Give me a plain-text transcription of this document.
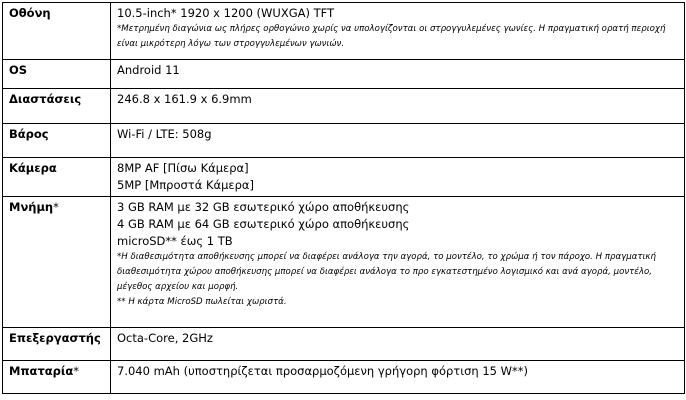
Οθόνη	10.5-inch* 1920 x 1200 (WUXGA) TFT
*Μετρημένη διαγώνια ως πλήρες ορθογώνιο χωρίς να υπολογίζονται οι στρογγυλεμένες γωνίες. Η πραγματική ορατή περιοχή είναι μικρότερη λόγω των στρογγυλεμένων γωνιών.

OS	Android 11

Διαστάσεις	246.8 x 161.9 x 6.9mm

Βάρος	Wi-Fi / LTE: 508g

Κάμερα	8MP AF [Πίσω Κάμερα]
5MP [Μπροστά Κάμερα]

Μνήμη*	3 GB RAM με 32 GB εσωτερικό χώρο αποθήκευσης
4 GB RAM με 64 GB εσωτερικό χώρο αποθήκευσης
microSD** έως 1 TB
*Η διαθεσιμότητα αποθήκευσης μπορεί να διαφέρει ανάλογα την αγορά, το μοντέλο, το χρώμα ή τον πάροχο. Η πραγματική διαθεσιμότητα χώρου αποθήκευσης μπορεί να διαφέρει ανάλογα το προ εγκατεστημένο λογισμικό και ανά αγορά, μοντέλο, μέγεθος αρχείου και μορφή.
** Η κάρτα MicroSD πωλείται χωριστά.

Επεξεργαστής	Octa-Core, 2GHz

Μπαταρία*	7.040 mAh (υποστηρίζεται προσαρμοζόμενη γρήγορη φόρτιση 15 W**)
